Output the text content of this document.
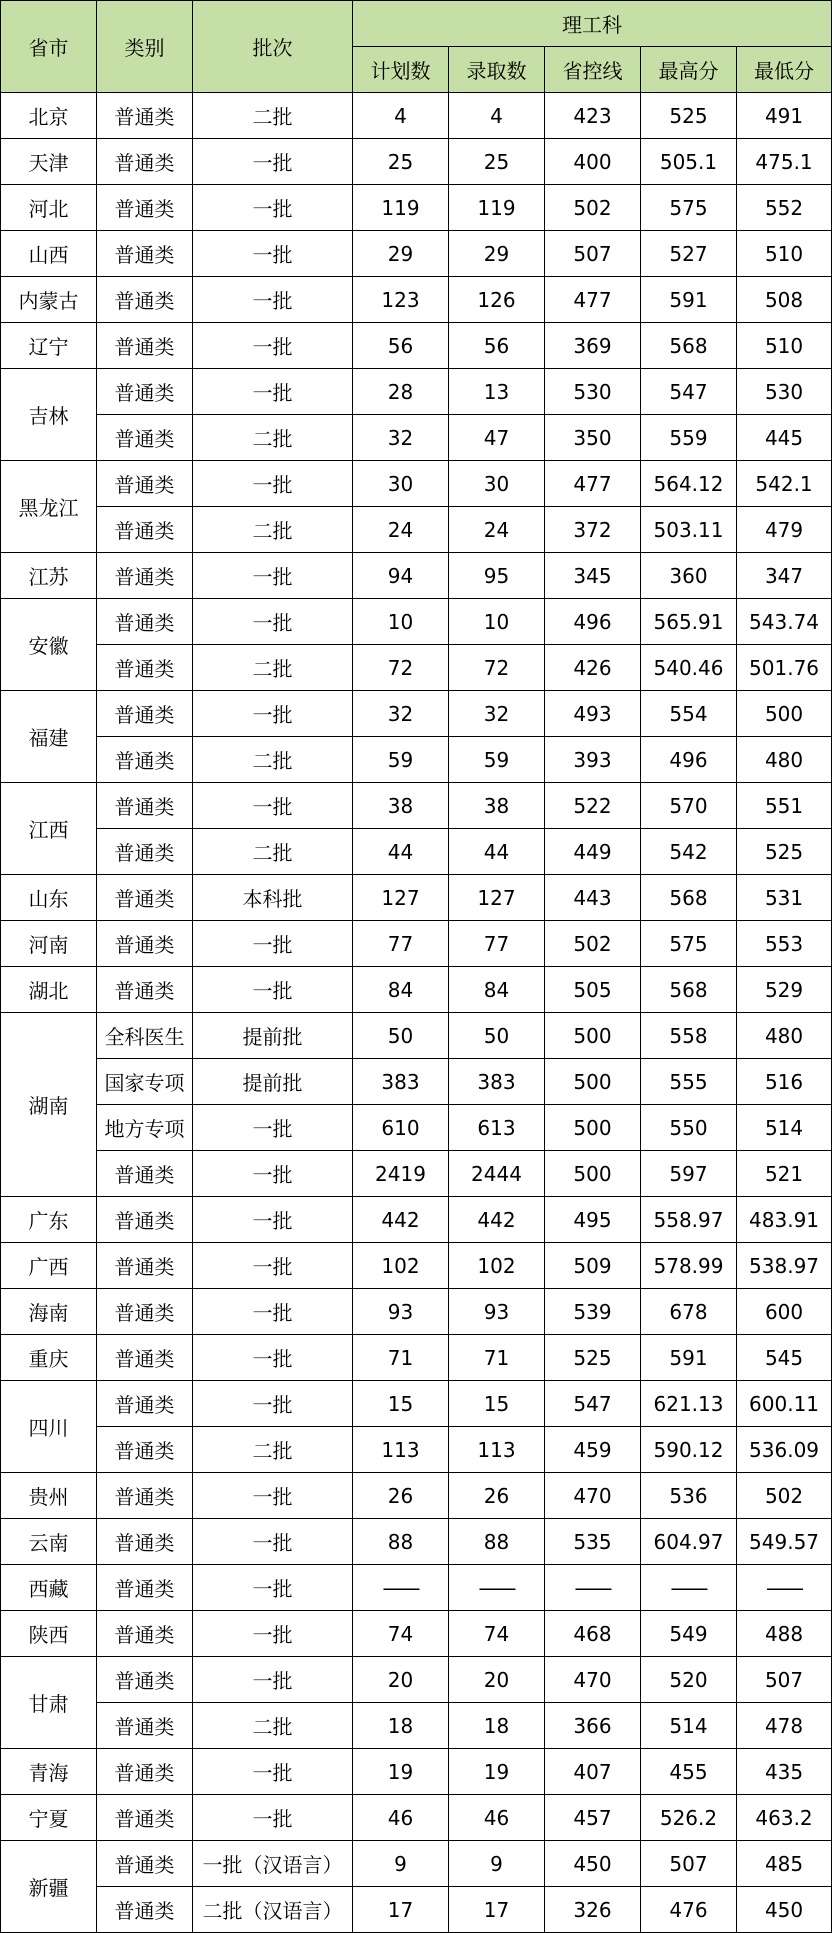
省市	类别	批次	理工科				
			计划数	录取数	省控线	最高分	最低分
北京	普通类	二批	4	4	423	525	491
天津	普通类	一批	25	25	400	505.1	475.1
河北	普通类	一批	119	119	502	575	552
山西	普通类	一批	29	29	507	527	510
内蒙古	普通类	一批	123	126	477	591	508
辽宁	普通类	一批	56	56	369	568	510
吉林	普通类	一批	28	13	530	547	530
	普通类	二批	32	47	350	559	445
黑龙江	普通类	一批	30	30	477	564.12	542.1
	普通类	二批	24	24	372	503.11	479
江苏	普通类	一批	94	95	345	360	347
安徽	普通类	一批	10	10	496	565.91	543.74
	普通类	二批	72	72	426	540.46	501.76
福建	普通类	一批	32	32	493	554	500
	普通类	二批	59	59	393	496	480
江西	普通类	一批	38	38	522	570	551
	普通类	二批	44	44	449	542	525
山东	普通类	本科批	127	127	443	568	531
河南	普通类	一批	77	77	502	575	553
湖北	普通类	一批	84	84	505	568	529
湖南	全科医生	提前批	50	50	500	558	480
	国家专项	提前批	383	383	500	555	516
	地方专项	一批	610	613	500	550	514
	普通类	一批	2419	2444	500	597	521
广东	普通类	一批	442	442	495	558.97	483.91
广西	普通类	一批	102	102	509	578.99	538.97
海南	普通类	一批	93	93	539	678	600
重庆	普通类	一批	71	71	525	591	545
四川	普通类	一批	15	15	547	621.13	600.11
	普通类	二批	113	113	459	590.12	536.09
贵州	普通类	一批	26	26	470	536	502
云南	普通类	一批	88	88	535	604.97	549.57
西藏	普通类	一批	——	——	——	——	——
陕西	普通类	一批	74	74	468	549	488
甘肃	普通类	一批	20	20	470	520	507
	普通类	二批	18	18	366	514	478
青海	普通类	一批	19	19	407	455	435
宁夏	普通类	一批	46	46	457	526.2	463.2
新疆	普通类	一批（汉语言）	9	9	450	507	485
	普通类	二批（汉语言）	17	17	326	476	450
